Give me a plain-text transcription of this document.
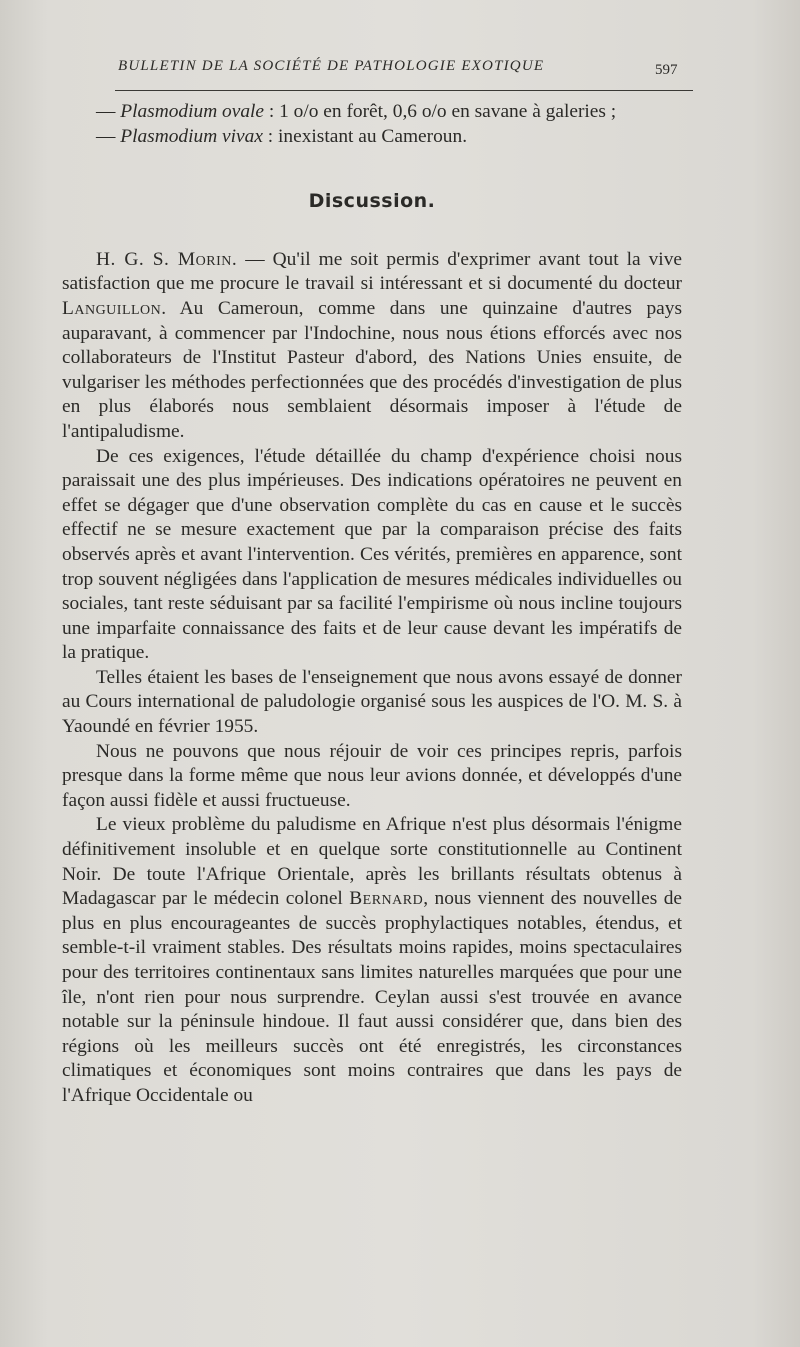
BULLETIN DE LA SOCIÉTÉ DE PATHOLOGIE EXOTIQUE	597

— Plasmodium ovale : 1 o/o en forêt, 0,6 o/o en savane à galeries ;

— Plasmodium vivax : inexistant au Cameroun.

Discussion.

H. G. S. Morin. — Qu'il me soit permis d'exprimer avant tout la vive satisfaction que me procure le travail si intéressant et si documenté du docteur Languillon. Au Cameroun, comme dans une quinzaine d'autres pays auparavant, à commencer par l'Indochine, nous nous étions efforcés avec nos collaborateurs de l'Institut Pasteur d'abord, des Nations Unies ensuite, de vulgariser les méthodes perfectionnées que des procédés d'investigation de plus en plus élaborés nous semblaient désormais imposer à l'étude de l'antipaludisme.

De ces exigences, l'étude détaillée du champ d'expérience choisi nous paraissait une des plus impérieuses. Des indications opératoires ne peuvent en effet se dégager que d'une observation complète du cas en cause et le succès effectif ne se mesure exactement que par la comparaison précise des faits observés après et avant l'intervention. Ces vérités, premières en apparence, sont trop souvent négligées dans l'application de mesures médicales individuelles ou sociales, tant reste séduisant par sa facilité l'empirisme où nous incline toujours une imparfaite connaissance des faits et de leur cause devant les impératifs de la pratique.

Telles étaient les bases de l'enseignement que nous avons essayé de donner au Cours international de paludologie organisé sous les auspices de l'O. M. S. à Yaoundé en février 1955.

Nous ne pouvons que nous réjouir de voir ces principes repris, parfois presque dans la forme même que nous leur avions donnée, et développés d'une façon aussi fidèle et aussi fructueuse.

Le vieux problème du paludisme en Afrique n'est plus désormais l'énigme définitivement insoluble et en quelque sorte constitutionnelle au Continent Noir. De toute l'Afrique Orientale, après les brillants résultats obtenus à Madagascar par le médecin colonel Bernard, nous viennent des nouvelles de plus en plus encourageantes de succès prophylactiques notables, étendus, et semble-t-il vraiment stables. Des résultats moins rapides, moins spectaculaires pour des territoires continentaux sans limites naturelles marquées que pour une île, n'ont rien pour nous surprendre. Ceylan aussi s'est trouvée en avance notable sur la péninsule hindoue. Il faut aussi considérer que, dans bien des régions où les meilleurs succès ont été enregistrés, les circonstances climatiques et économiques sont moins contraires que dans les pays de l'Afrique Occidentale ou
